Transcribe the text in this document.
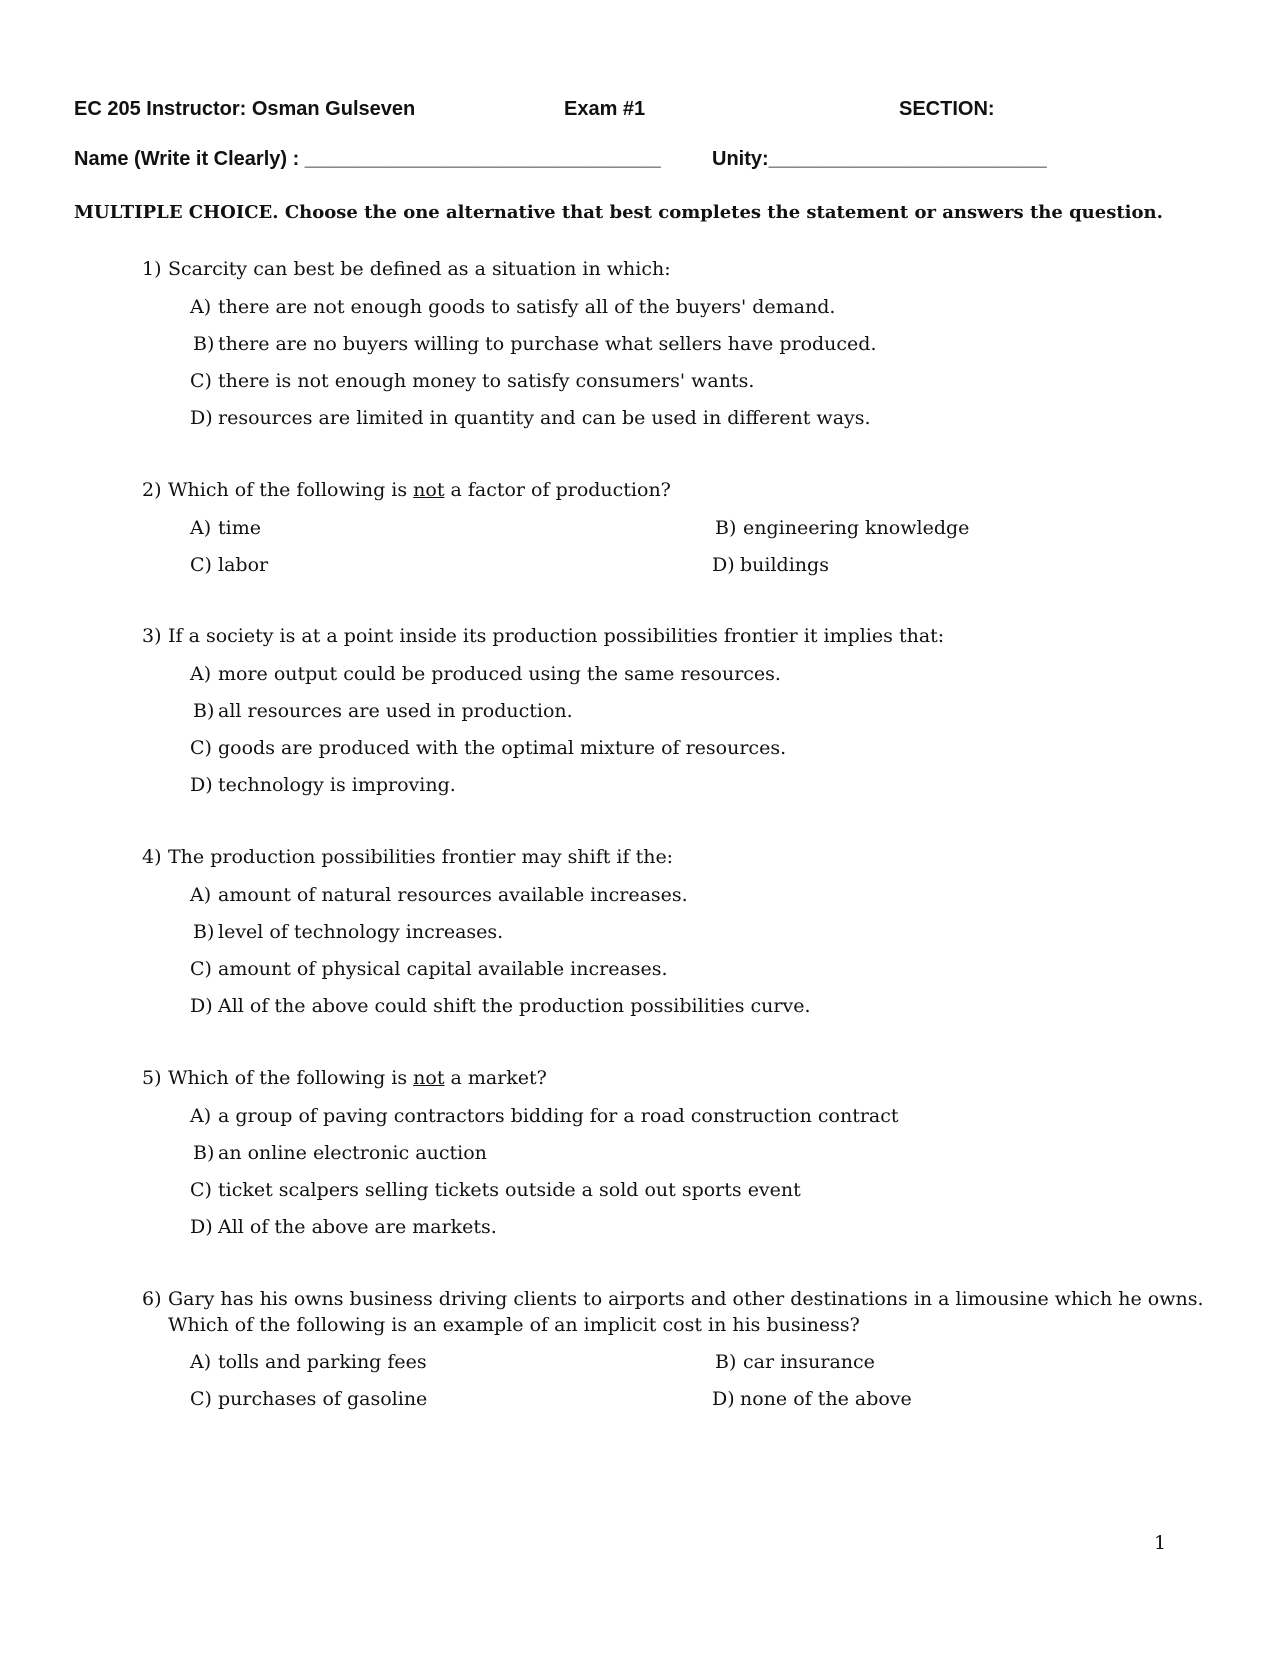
EC 205 Instructor: Osman Gulseven	Exam #1	SECTION:
Name (Write it Clearly) : ________________________________	Unity:_________________________
MULTIPLE CHOICE. Choose the one alternative that best completes the statement or answers the question.
1) Scarcity can best be defined as a situation in which:
A) there are not enough goods to satisfy all of the buyers' demand.
B) there are no buyers willing to purchase what sellers have produced.
C) there is not enough money to satisfy consumers' wants.
D) resources are limited in quantity and can be used in different ways.
2) Which of the following is not a factor of production?
A) time	B) engineering knowledge
C) labor	D) buildings
3) If a society is at a point inside its production possibilities frontier it implies that:
A) more output could be produced using the same resources.
B) all resources are used in production.
C) goods are produced with the optimal mixture of resources.
D) technology is improving.
4) The production possibilities frontier may shift if the:
A) amount of natural resources available increases.
B) level of technology increases.
C) amount of physical capital available increases.
D) All of the above could shift the production possibilities curve.
5) Which of the following is not a market?
A) a group of paving contractors bidding for a road construction contract
B) an online electronic auction
C) ticket scalpers selling tickets outside a sold out sports event
D) All of the above are markets.
6) Gary has his owns business driving clients to airports and other destinations in a limousine which he owns.
Which of the following is an example of an implicit cost in his business?
A) tolls and parking fees	B) car insurance
C) purchases of gasoline	D) none of the above
1
